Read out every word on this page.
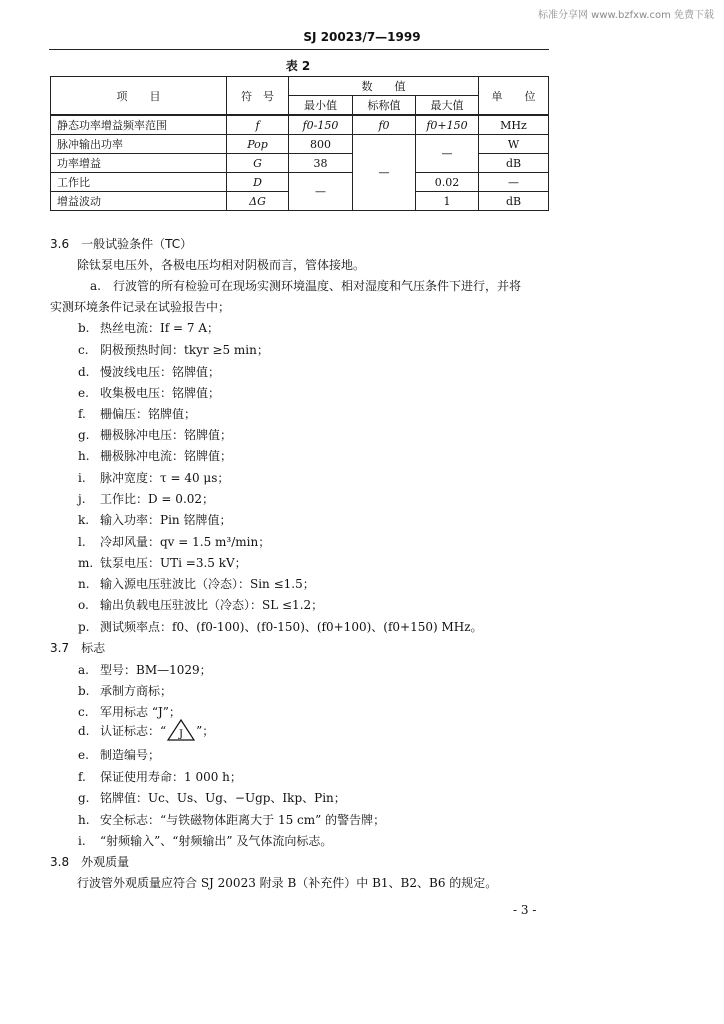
标准分享网 www.bzfxw.com 免费下载
SJ 20023/7—1999
表 2
项　　目	符　号	数　　值			单　　位
		最小值	标称值	最大值	
静态功率增益频率范围	f	f0-150	f0	f0+150	MHz
脉冲输出功率	Pop	800	—	—	W
功率增益	G	38			dB
工作比	D	—		0.02	—
增益波动	ΔG			1	dB
3.6　一般试验条件（TC）
除钛泵电压外，各极电压均相对阴极而言，管体接地。
a.　行波管的所有检验可在现场实测环境温度、相对湿度和气压条件下进行，并将
实测环境条件记录在试验报告中；
b. 热丝电流：If = 7 A；
c. 阴极预热时间：tkyr ≥5 min；
d. 慢波线电压：铭牌值；
e. 收集极电压：铭牌值；
f. 栅偏压：铭牌值；
g. 栅极脉冲电压：铭牌值；
h. 栅极脉冲电流：铭牌值；
i. 脉冲宽度：τ = 40 μs；
j. 工作比：D = 0.02；
k. 输入功率：Pin 铭牌值；
l. 冷却风量：qv = 1.5 m³/min；
m. 钛泵电压：UTi =3.5 kV；
n. 输入源电压驻波比（冷态）：Sin ≤1.5；
o. 输出负载电压驻波比（冷态）：SL ≤1.2；
p. 测试频率点：f0、(f0-100)、(f0-150)、(f0+100)、(f0+150) MHz。
3.7　标志
a. 型号：BM—1029；
b. 承制方商标；
c. 军用标志 “J”；
d. 认证标志：“ J ”；
e. 制造编号；
f. 保证使用寿命：1 000 h；
g. 铭牌值：Uc、Us、Ug、−Ugp、Ikp、Pin；
h. 安全标志：“与铁磁物体距离大于 15 cm” 的警告牌；
i. “射频输入”、“射频输出” 及气体流向标志。
3.8　外观质量
行波管外观质量应符合 SJ 20023 附录 B（补充件）中 B1、B2、B6 的规定。
- 3 -
